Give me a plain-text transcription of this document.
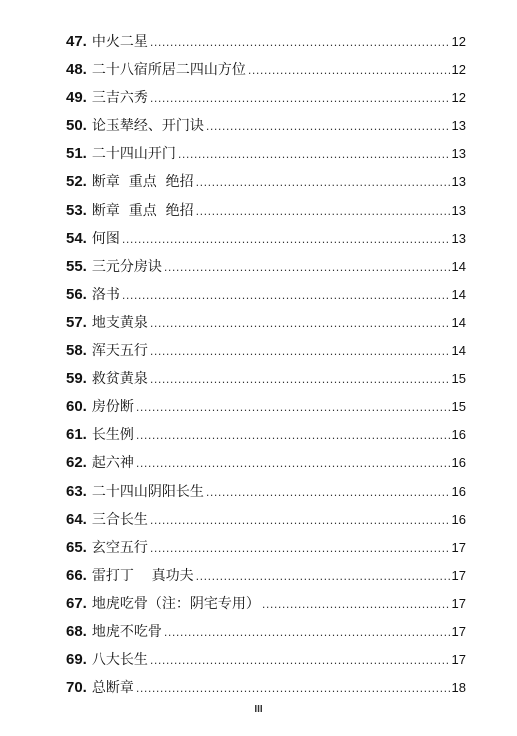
47. 中火二星 .....	12
48. 二十八宿所居二四山方位 .....	12
49. 三吉六秀 .....	12
50. 论玉辇经、开门诀 .....	13
51. 二十四山开门 .....	13
52. 断章  重点  绝招 .....	13
53. 断章  重点  绝招 .....	13
54. 何图 .....	13
55. 三元分房诀 .....	14
56. 洛书 .....	14
57. 地支黄泉 .....	14
58. 浑天五行 .....	14
59. 救贫黄泉 .....	15
60. 房份断 .....	15
61. 长生例 .....	16
62. 起六神 .....	16
63. 二十四山阴阳长生 .....	16
64. 三合长生 .....	16
65. 玄空五行 .....	17
66. 雷打丁    真功夫 .....	17
67. 地虎吃骨（注：阴宅专用） .....	17
68. 地虎不吃骨 .....	17
69. 八大长生 .....	17
70. 总断章 .....	18
III
